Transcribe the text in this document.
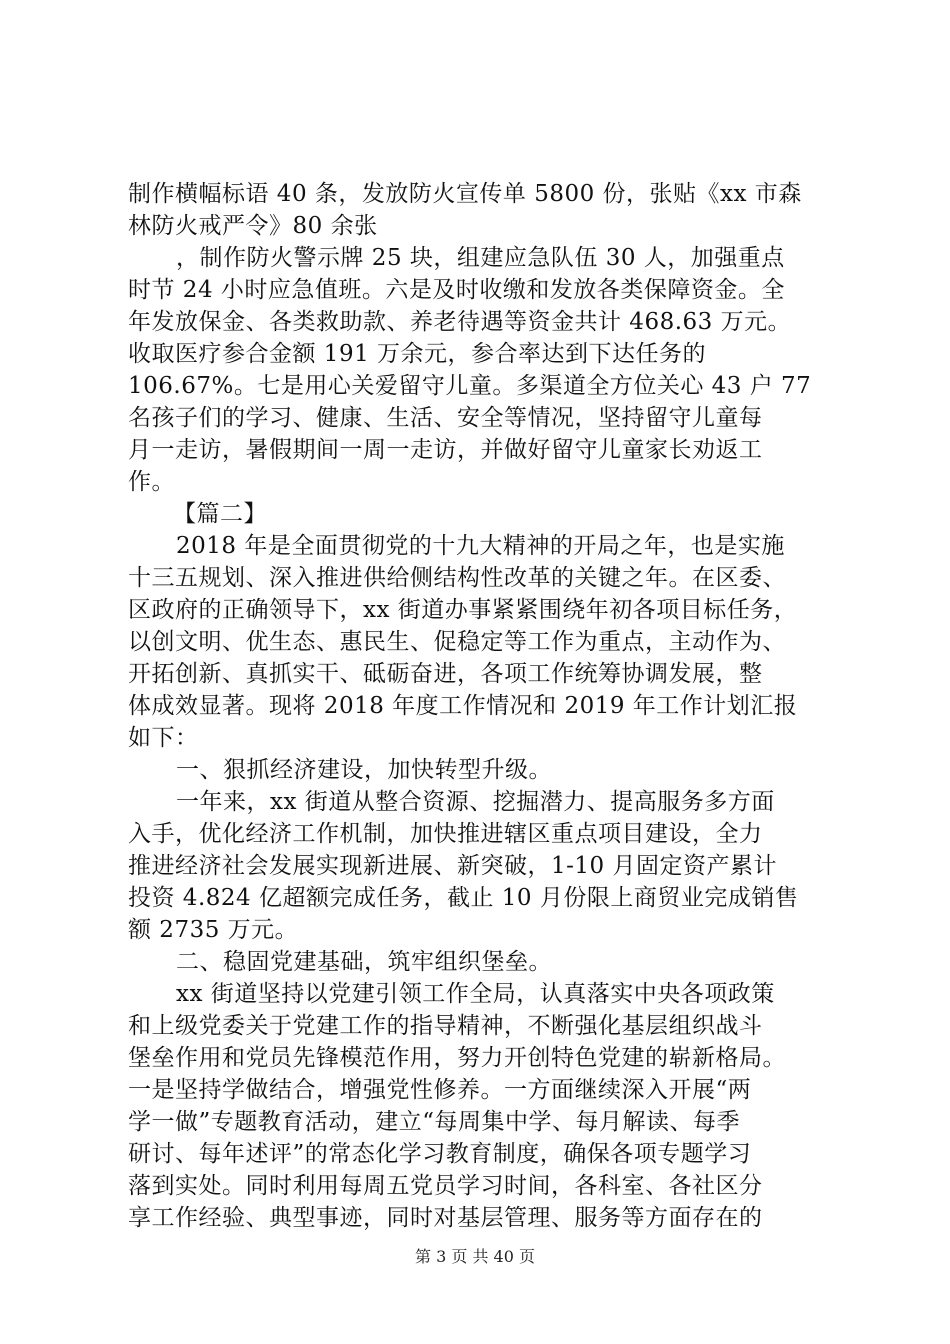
制作横幅标语 40 条，发放防火宣传单 5800 份，张贴《xx 市森
林防火戒严令》80 余张
，制作防火警示牌 25 块，组建应急队伍 30 人，加强重点
时节 24 小时应急值班。六是及时收缴和发放各类保障资金。全
年发放保金、各类救助款、养老待遇等资金共计 468.63 万元。
收取医疗参合金额 191 万余元，参合率达到下达任务的
106.67%。七是用心关爱留守儿童。多渠道全方位关心 43 户 77
名孩子们的学习、健康、生活、安全等情况，坚持留守儿童每
月一走访，暑假期间一周一走访，并做好留守儿童家长劝返工
作。
【篇二】
2018 年是全面贯彻党的十九大精神的开局之年，也是实施
十三五规划、深入推进供给侧结构性改革的关键之年。在区委、
区政府的正确领导下，xx 街道办事紧紧围绕年初各项目标任务，
以创文明、优生态、惠民生、促稳定等工作为重点，主动作为、
开拓创新、真抓实干、砥砺奋进，各项工作统筹协调发展，整
体成效显著。现将 2018 年度工作情况和 2019 年工作计划汇报
如下：
一、狠抓经济建设，加快转型升级。
一年来，xx 街道从整合资源、挖掘潜力、提高服务多方面
入手，优化经济工作机制，加快推进辖区重点项目建设，全力
推进经济社会发展实现新进展、新突破，1-10 月固定资产累计
投资 4.824 亿超额完成任务，截止 10 月份限上商贸业完成销售
额 2735 万元。
二、稳固党建基础，筑牢组织堡垒。
xx 街道坚持以党建引领工作全局，认真落实中央各项政策
和上级党委关于党建工作的指导精神，不断强化基层组织战斗
堡垒作用和党员先锋模范作用，努力开创特色党建的崭新格局。
一是坚持学做结合，增强党性修养。一方面继续深入开展“两
学一做”专题教育活动，建立“每周集中学、每月解读、每季
研讨、每年述评”的常态化学习教育制度，确保各项专题学习
落到实处。同时利用每周五党员学习时间，各科室、各社区分
享工作经验、典型事迹，同时对基层管理、服务等方面存在的
第 3 页 共 40 页
